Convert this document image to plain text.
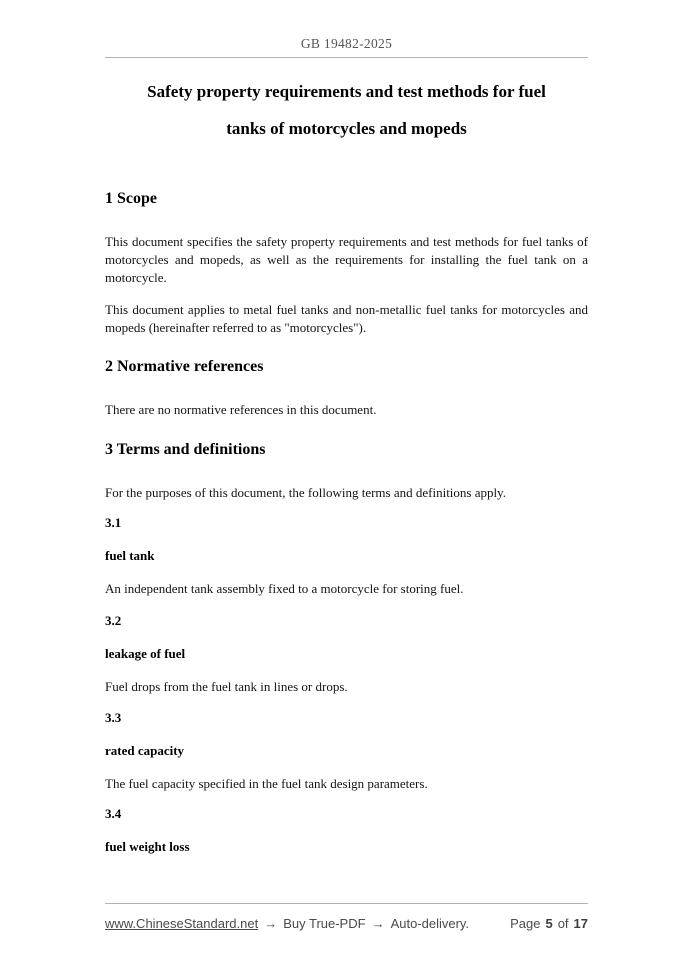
GB 19482-2025
Safety property requirements and test methods for fuel
tanks of motorcycles and mopeds
1 Scope

This document specifies the safety property requirements and test methods for fuel tanks of motorcycles and mopeds, as well as the requirements for installing the fuel tank on a motorcycle.

This document applies to metal fuel tanks and non-metallic fuel tanks for motorcycles and mopeds (hereinafter referred to as "motorcycles").

2 Normative references

There are no normative references in this document.

3 Terms and definitions

For the purposes of this document, the following terms and definitions apply.

3.1
fuel tank
An independent tank assembly fixed to a motorcycle for storing fuel.
3.2
leakage of fuel
Fuel drops from the fuel tank in lines or drops.
3.3
rated capacity
The fuel capacity specified in the fuel tank design parameters.
3.4
fuel weight loss
www.ChineseStandard.net → Buy True-PDF → Auto-delivery.	Page 5 of 17
